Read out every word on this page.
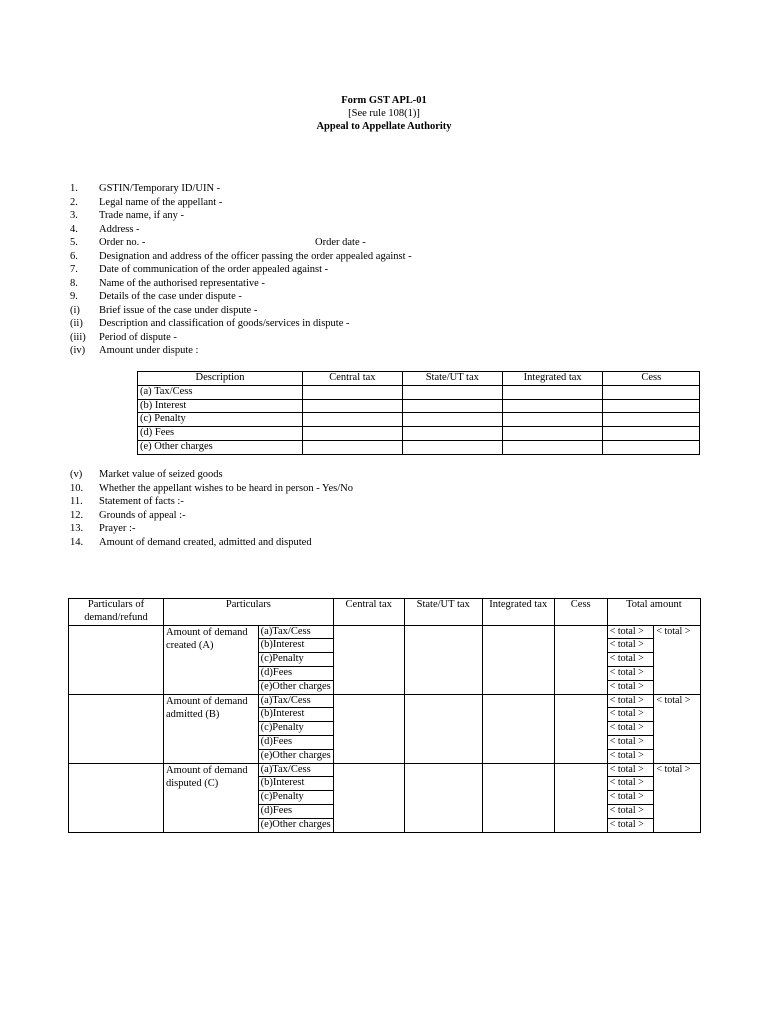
Form GST APL-01
[See rule 108(1)]
Appeal to Appellate Authority
1.	GSTIN/Temporary ID/UIN -
2.	Legal name of the appellant -
3.	Trade name, if any -
4.	Address -
5.	Order no. -	Order date -
6.	Designation and address of the officer passing the order appealed against -
7.	Date of communication of the order appealed against -
8.	Name of the authorised representative -
9.	Details of the case under dispute -
(i)	Brief issue of the case under dispute -
(ii)	Description and classification of goods/services in dispute -
(iii)	Period of dispute -
(iv)	Amount under dispute :
Description	Central tax	State/UT tax	Integrated tax	Cess
(a) Tax/Cess				
(b) Interest				
(c) Penalty				
(d) Fees				
(e) Other charges				
(v)	Market value of seized goods
10.	Whether the appellant wishes to be heard in person - Yes/No
11.	Statement of facts :-
12.	Grounds of appeal :-
13.	Prayer :-
14.	Amount of demand created, admitted and disputed
Particulars of demand/refund	Particulars		Central tax	State/UT tax	Integrated tax	Cess	Total amount	
	Amount of demand created (A)	(a)Tax/Cess					< total >	< total >
		(b)Interest					< total >	
		(c)Penalty					< total >	
		(d)Fees					< total >	
		(e)Other charges					< total >	
	Amount of demand admitted (B)	(a)Tax/Cess					< total >	< total >
		(b)Interest					< total >	
		(c)Penalty					< total >	
		(d)Fees					< total >	
		(e)Other charges					< total >	
	Amount of demand disputed (C)	(a)Tax/Cess					< total >	< total >
		(b)Interest					< total >	
		(c)Penalty					< total >	
		(d)Fees					< total >	
		(e)Other charges					< total >	
